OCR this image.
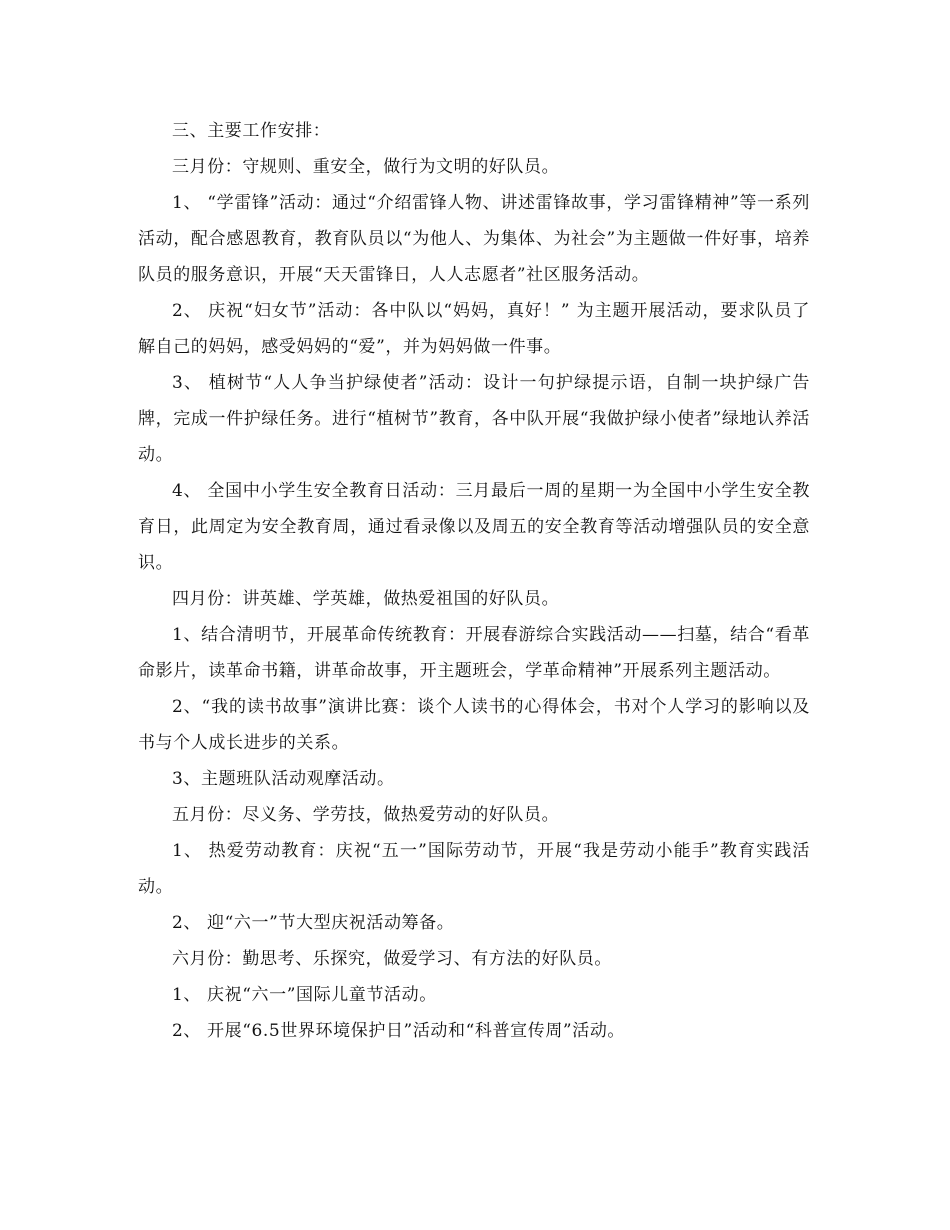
三、主要工作安排：

三月份：守规则、重安全，做行为文明的好队员。

1、 “学雷锋”活动：通过“介绍雷锋人物、讲述雷锋故事，学习雷锋精神”等一系列活动，配合感恩教育，教育队员以“为他人、为集体、为社会”为主题做一件好事，培养队员的服务意识，开展“天天雷锋日，人人志愿者”社区服务活动。

2、 庆祝“妇女节”活动：各中队以“妈妈，真好！” 为主题开展活动，要求队员了解自己的妈妈，感受妈妈的“爱”，并为妈妈做一件事。

3、 植树节“人人争当护绿使者”活动：设计一句护绿提示语，自制一块护绿广告牌，完成一件护绿任务。进行“植树节”教育，各中队开展“我做护绿小使者”绿地认养活动。

4、 全国中小学生安全教育日活动：三月最后一周的星期一为全国中小学生安全教育日，此周定为安全教育周，通过看录像以及周五的安全教育等活动增强队员的安全意识。

四月份：讲英雄、学英雄，做热爱祖国的好队员。

1、结合清明节，开展革命传统教育：开展春游综合实践活动——扫墓，结合“看革命影片，读革命书籍，讲革命故事，开主题班会，学革命精神”开展系列主题活动。

2、“我的读书故事”演讲比赛：谈个人读书的心得体会，书对个人学习的影响以及书与个人成长进步的关系。

3、主题班队活动观摩活动。

五月份：尽义务、学劳技，做热爱劳动的好队员。

1、 热爱劳动教育：庆祝“五一”国际劳动节，开展“我是劳动小能手”教育实践活动。

2、 迎“六一”节大型庆祝活动筹备。

六月份：勤思考、乐探究，做爱学习、有方法的好队员。

1、 庆祝“六一”国际儿童节活动。

2、 开展“6.5世界环境保护日”活动和“科普宣传周”活动。
